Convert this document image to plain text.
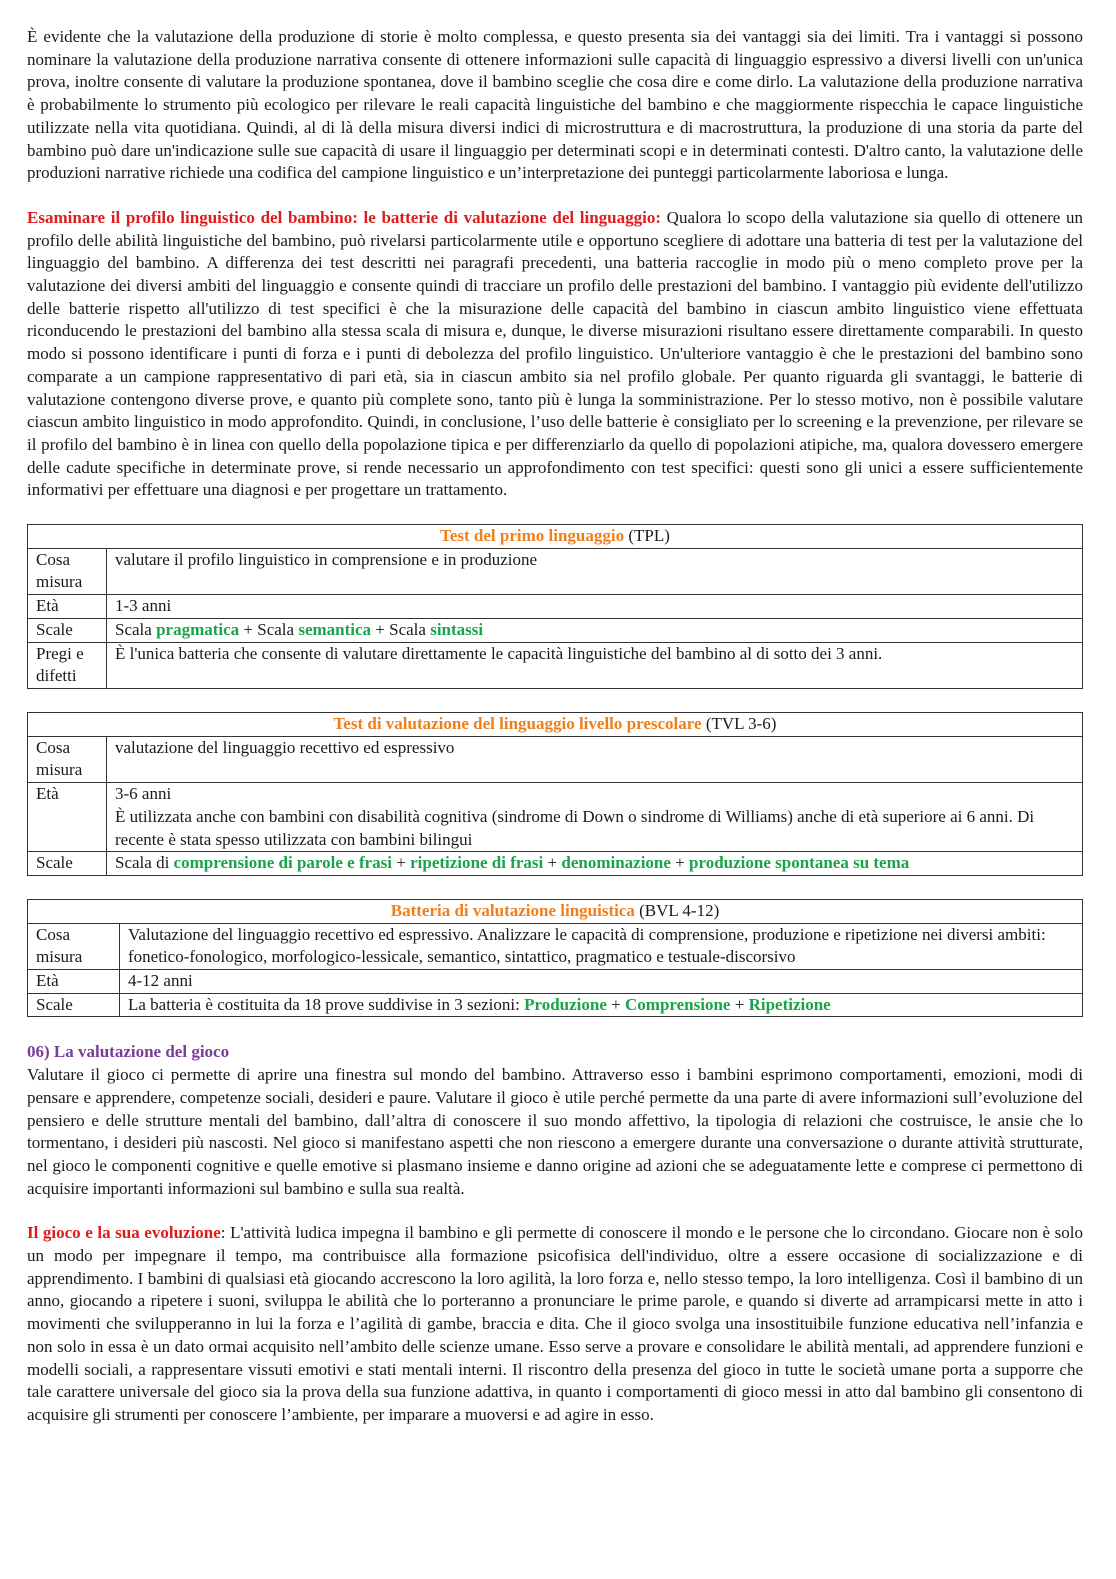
È evidente che la valutazione della produzione di storie è molto complessa, e questo presenta sia dei vantaggi sia dei limiti. Tra i vantaggi si possono nominare la valutazione della produzione narrativa consente di ottenere informazioni sulle capacità di linguaggio espressivo a diversi livelli con un'unica prova, inoltre consente di valutare la produzione spontanea, dove il bambino sceglie che cosa dire e come dirlo. La valutazione della produzione narrativa è probabilmente lo strumento più ecologico per rilevare le reali capacità linguistiche del bambino e che maggiormente rispecchia le capace linguistiche utilizzate nella vita quotidiana. Quindi, al di là della misura diversi indici di microstruttura e di macrostruttura, la produzione di una storia da parte del bambino può dare un'indicazione sulle sue capacità di usare il linguaggio per determinati scopi e in determinati contesti. D'altro canto, la valutazione delle produzioni narrative richiede una codifica del campione linguistico e un’interpretazione dei punteggi particolarmente laboriosa e lunga.

Esaminare il profilo linguistico del bambino: le batterie di valutazione del linguaggio: Qualora lo scopo della valutazione sia quello di ottenere un profilo delle abilità linguistiche del bambino, può rivelarsi particolarmente utile e opportuno scegliere di adottare una batteria di test per la valutazione del linguaggio del bambino. A differenza dei test descritti nei paragrafi precedenti, una batteria raccoglie in modo più o meno completo prove per la valutazione dei diversi ambiti del linguaggio e consente quindi di tracciare un profilo delle prestazioni del bambino. I vantaggio più evidente dell'utilizzo delle batterie rispetto all'utilizzo di test specifici è che la misurazione delle capacità del bambino in ciascun ambito linguistico viene effettuata riconducendo le prestazioni del bambino alla stessa scala di misura e, dunque, le diverse misurazioni risultano essere direttamente comparabili. In questo modo si possono identificare i punti di forza e i punti di debolezza del profilo linguistico. Un'ulteriore vantaggio è che le prestazioni del bambino sono comparate a un campione rappresentativo di pari età, sia in ciascun ambito sia nel profilo globale. Per quanto riguarda gli svantaggi, le batterie di valutazione contengono diverse prove, e quanto più complete sono, tanto più è lunga la somministrazione. Per lo stesso motivo, non è possibile valutare ciascun ambito linguistico in modo approfondito. Quindi, in conclusione, l’uso delle batterie è consigliato per lo screening e la prevenzione, per rilevare se il profilo del bambino è in linea con quello della popolazione tipica e per differenziarlo da quello di popolazioni atipiche, ma, qualora dovessero emergere delle cadute specifiche in determinate prove, si rende necessario un approfondimento con test specifici: questi sono gli unici a essere sufficientemente informativi per effettuare una diagnosi e per progettare un trattamento.

Test del primo linguaggio (TPL)	
Cosa misura	valutare il profilo linguistico in comprensione e in produzione
Età	1-3 anni
Scale	Scala pragmatica + Scala semantica + Scala sintassi
Pregi e difetti	È l'unica batteria che consente di valutare direttamente le capacità linguistiche del bambino al di sotto dei 3 anni.
Test di valutazione del linguaggio livello prescolare (TVL 3-6)	
Cosa misura	valutazione del linguaggio recettivo ed espressivo
Età	3-6 anni
È utilizzata anche con bambini con disabilità cognitiva (sindrome di Down o sindrome di Williams) anche di età superiore ai 6 anni. Di recente è stata spesso utilizzata con bambini bilingui

Scale	Scala di comprensione di parole e frasi + ripetizione di frasi + denominazione + produzione spontanea su tema
Batteria di valutazione linguistica (BVL 4-12)	
Cosa misura	Valutazione del linguaggio recettivo ed espressivo. Analizzare le capacità di comprensione, produzione e ripetizione nei diversi ambiti: fonetico-fonologico, morfologico-lessicale, semantico, sintattico, pragmatico e testuale-discorsivo
Età	4-12 anni
Scale	La batteria è costituita da 18 prove suddivise in 3 sezioni: Produzione + Comprensione + Ripetizione
06) La valutazione del gioco

Valutare il gioco ci permette di aprire una finestra sul mondo del bambino. Attraverso esso i bambini esprimono comportamenti, emozioni, modi di pensare e apprendere, competenze sociali, desideri e paure. Valutare il gioco è utile perché permette da una parte di avere informazioni sull’evoluzione del pensiero e delle strutture mentali del bambino, dall’altra di conoscere il suo mondo affettivo, la tipologia di relazioni che costruisce, le ansie che lo tormentano, i desideri più nascosti. Nel gioco si manifestano aspetti che non riescono a emergere durante una conversazione o durante attività strutturate, nel gioco le componenti cognitive e quelle emotive si plasmano insieme e danno origine ad azioni che se adeguatamente lette e comprese ci permettono di acquisire importanti informazioni sul bambino e sulla sua realtà.

Il gioco e la sua evoluzione: L'attività ludica impegna il bambino e gli permette di conoscere il mondo e le persone che lo circondano. Giocare non è solo un modo per impegnare il tempo, ma contribuisce alla formazione psicofisica dell'individuo, oltre a essere occasione di socializzazione e di apprendimento. I bambini di qualsiasi età giocando accrescono la loro agilità, la loro forza e, nello stesso tempo, la loro intelligenza. Così il bambino di un anno, giocando a ripetere i suoni, sviluppa le abilità che lo porteranno a pronunciare le prime parole, e quando si diverte ad arrampicarsi mette in atto i movimenti che svilupperanno in lui la forza e l’agilità di gambe, braccia e dita. Che il gioco svolga una insostituibile funzione educativa nell’infanzia e non solo in essa è un dato ormai acquisito nell’ambito delle scienze umane. Esso serve a provare e consolidare le abilità mentali, ad apprendere funzioni e modelli sociali, a rappresentare vissuti emotivi e stati mentali interni. Il riscontro della presenza del gioco in tutte le società umane porta a supporre che tale carattere universale del gioco sia la prova della sua funzione adattiva, in quanto i comportamenti di gioco messi in atto dal bambino gli consentono di acquisire gli strumenti per conoscere l’ambiente, per imparare a muoversi e ad agire in esso.
